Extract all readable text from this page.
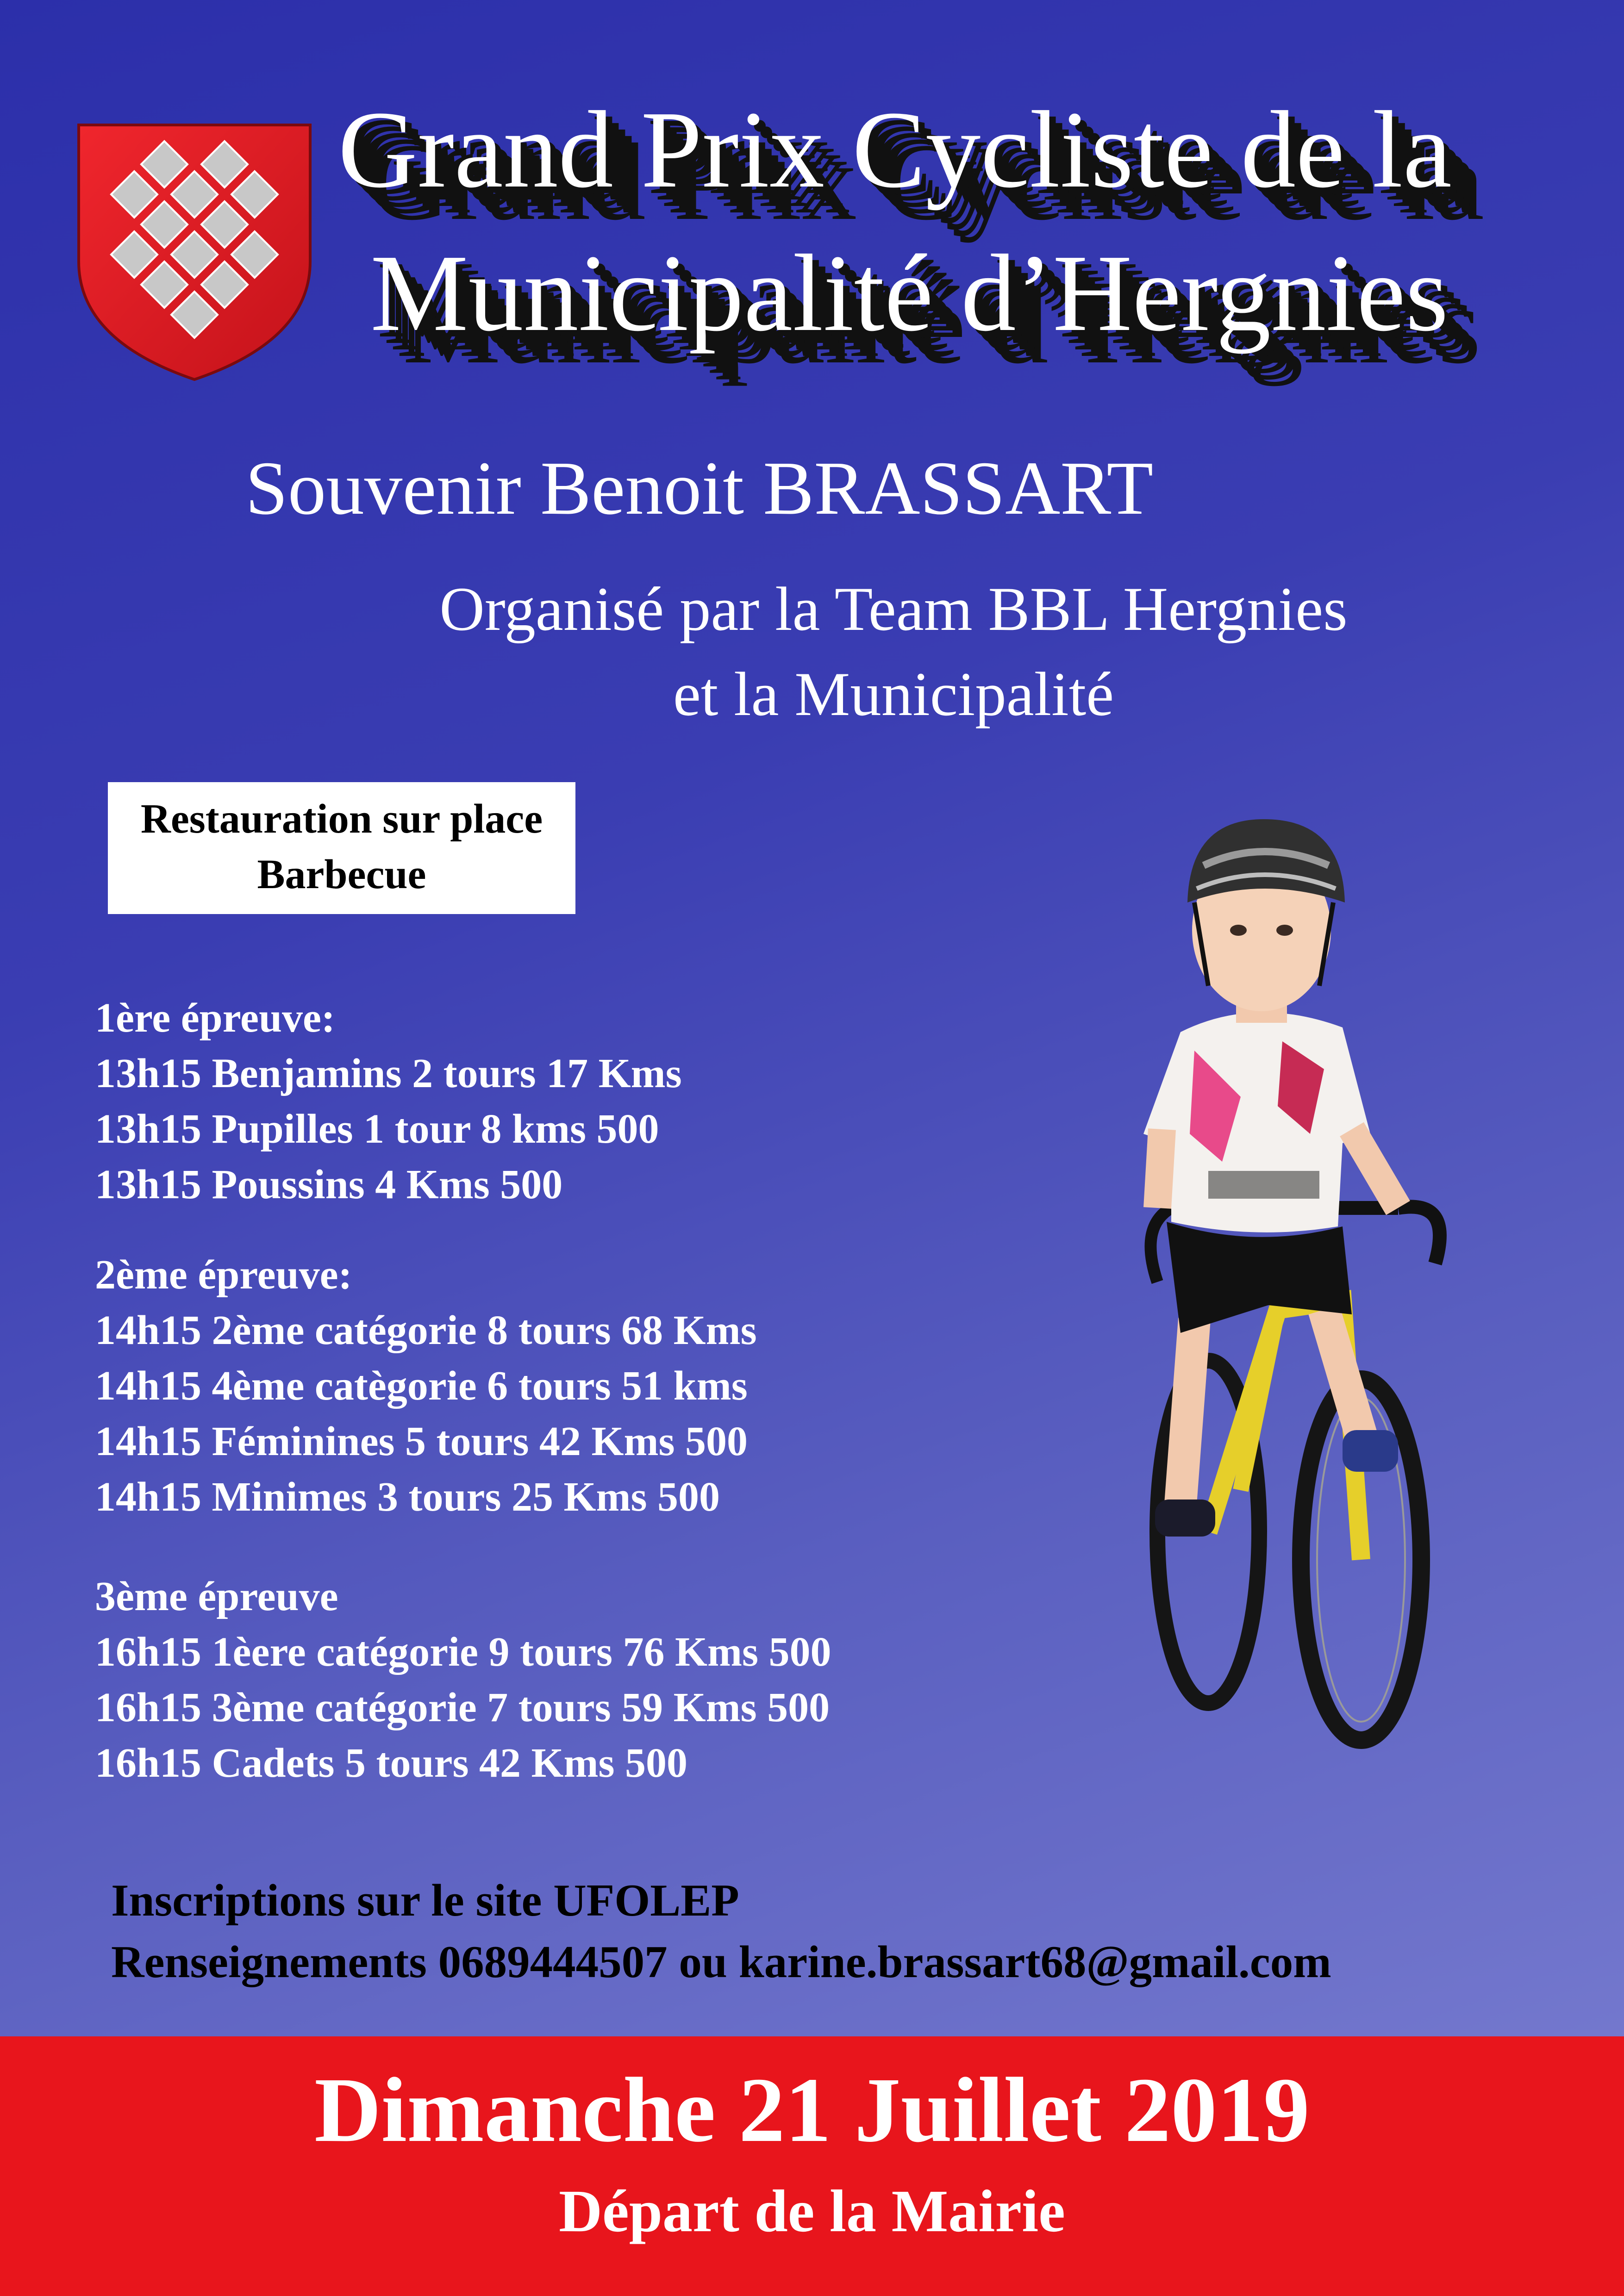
Grand Prix Cycliste de la
Municipalité d’Hergnies
Souvenir Benoit BRASSART
Organisé par la Team BBL Hergnies
et la Municipalité
Restauration sur place
Barbecue

1ère épreuve:

13h15 Benjamins 2 tours 17 Kms

13h15 Pupilles 1 tour 8 kms 500

13h15 Poussins 4 Kms 500

2ème épreuve:

14h15 2ème catégorie 8 tours 68 Kms

14h15 4ème catègorie 6 tours 51 kms

14h15 Féminines 5 tours 42 Kms 500

14h15 Minimes 3 tours 25 Kms 500

3ème épreuve

16h15 1èere catégorie 9 tours 76 Kms 500

16h15 3ème catégorie 7 tours 59 Kms 500

16h15 Cadets 5 tours 42 Kms 500

Inscriptions sur le site UFOLEP

Renseignements 0689444507 ou karine.brassart68@gmail.com

Dimanche 21 Juillet 2019
Départ de la Mairie
